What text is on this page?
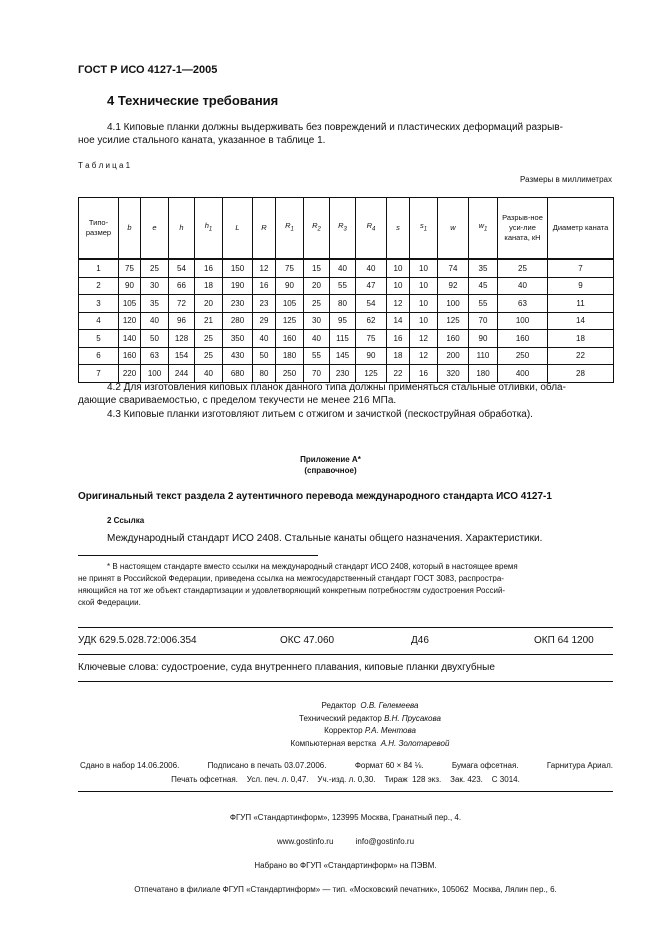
ГОСТ Р ИСО 4127-1—2005
4 Технические требования
4.1 Киповые планки должны выдерживать без повреждений и пластических деформаций разрыв-
ное усилие стального каната, указанное в таблице 1.
Т а б л и ц а 1
Размеры в миллиметрах
Типо-размер	b	e	h	$h_1$	L	R	$R_1$	$R_2$	$R_3$	$R_4$	s	$s_1$	w	$w_1$	Разрыв-ное уси-лие каната, кН	Диаметр каната
1	75	25	54	16	150	12	75	15	40	40	10	10	74	35	25	7
2	90	30	66	18	190	16	90	20	55	47	10	10	92	45	40	9
3	105	35	72	20	230	23	105	25	80	54	12	10	100	55	63	11
4	120	40	96	21	280	29	125	30	95	62	14	10	125	70	100	14
5	140	50	128	25	350	40	160	40	115	75	16	12	160	90	160	18
6	160	63	154	25	430	50	180	55	145	90	18	12	200	110	250	22
7	220	100	244	40	680	80	250	70	230	125	22	16	320	180	400	28
4.2 Для изготовления киповых планок данного типа должны применяться стальные отливки, обла-
дающие свариваемостью, с пределом текучести не менее 216 МПа.
4.3 Киповые планки изготовляют литьем с отжигом и зачисткой (пескоструйная обработка).
Приложение А*
(справочное)
Оригинальный текст раздела 2 аутентичного перевода международного стандарта ИСО 4127-1
2 Ссылка
Международный стандарт ИСО 2408. Стальные канаты общего назначения. Характеристики.
* В настоящем стандарте вместо ссылки на международный стандарт ИСО 2408, который в настоящее время
не принят в Российской Федерации, приведена ссылка на межгосударственный стандарт ГОСТ 3083, распростра-
няющийся на тот же объект стандартизации и удовлетворяющий конкретным потребностям судостроения Россий-
ской Федерации.
УДК 629.5.028.72:006.354	ОКС 47.060	Д46	ОКП 64 1200
Ключевые слова: судостроение, суда внутреннего плавания, киповые планки двухгубные
Редактор О.В. Гелемеева
Технический редактор В.Н. Прусакова
Корректор Р.А. Ментова
Компьютерная верстка А.Н. Золотаревой
Сдано в набор 14.06.2006.	Подписано в печать 03.07.2006.	Формат 60 × 84 ⅛.	Бумага офсетная.	Гарнитура Ариал.
Печать офсетная.    Усл. печ. л. 0,47.    Уч.-изд. л. 0,30.    Тираж  128 экз.    Зак. 423.    С 3014.

ФГУП «Стандартинформ», 123995 Москва, Гранатный пер., 4.

www.gostinfo.ru          info@gostinfo.ru

Набрано во ФГУП «Стандартинформ» на ПЭВМ.

Отпечатано в филиале ФГУП «Стандартинформ» — тип. «Московский печатник», 105062  Москва, Лялин пер., 6.
